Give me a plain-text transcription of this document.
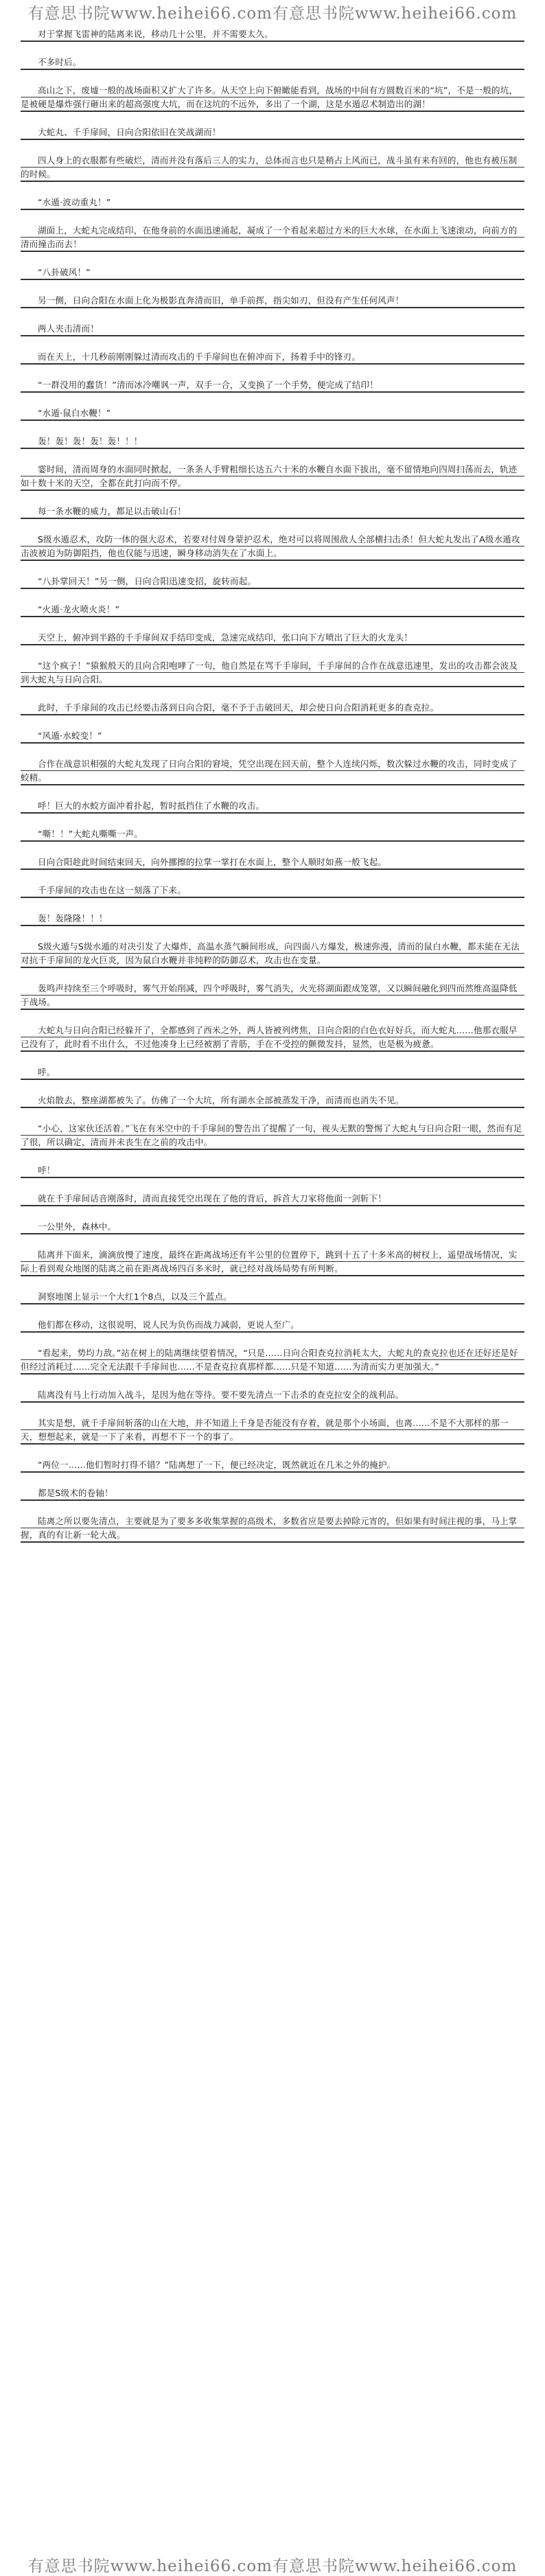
有意思书院www.heihei66.com有意思书院www.heihei66.com

对于掌握飞雷神的陆离来说，移动几十公里，并不需要太久。

不多时后。

高山之下，废墟一般的战场面积又扩大了许多。从天空上向下俯瞰能看到，战场的中间有方圆数百米的“坑”，不是一般的坑，是被硬是爆炸强行砸出来的超高强度大坑，而在这坑的不远外，多出了一个湖，这是水遁忍术制造出的湖！

大蛇丸、千手扉间，日向合阳依旧在笑战湖而！

四人身上的衣服都有些破烂，清而并没有落后三人的实力，总体而言也只是稍占上风而已，战斗虽有来有回的，他也有被压制的时候。

“水遁·波动重丸！”

湖面上，大蛇丸完成结印，在他身前的水面迅速涌起，凝成了一个看起来超过方米的巨大水球，在水面上飞速滚动，向前方的清而撞击而去！

“八卦破风！”

另一侧，日向合阳在水面上化为极影直奔清而旧，单手前挥，指尖如刃，但没有产生任何风声！

两人夹击清而！

而在天上，十几秒前刚刚躲过清而攻击的千手扉间也在俯冲而下，扬着手中的锋刃。

“一群没用的蠢货！”清而冰冷嘲讽一声，双手一合，又变换了一个手势，便完成了结印！

“水遁·鼠白水鞭！”

轰！轰！轰！轰！轰！！！

霎时间，清而周身的水面同时掀起，一条条人手臂粗细长达五六十米的水鞭自水面下拔出，毫不留情地向四周扫荡而去，轨迹如十数十米的天空，全都在此打向而不停。

每一条水鞭的威力，都足以击破山石！

S级水遁忍术，攻防一体的强大忍术，若要对付周身蒙护忍术，绝对可以将周围敌人全部横扫击杀！但大蛇丸发出了A级水遁攻击波被迫为防御阻挡，他也仅能与迅速，瞬身移动消失在了水面上。

“八卦掌回天！”另一侧，日向合阳迅速变招，旋转而起。

“火遁·龙火喷火炎！”

天空上，俯冲到半路的千手扉间双手结印变成，急速完成结印，张口向下方喷出了巨大的火龙头！

“这个疯子！”猿猴般天的且向合阳咆哮了一句，他自然是在骂千手扉间，千手扉间的合作在战意迅速里，发出的攻击都会波及到大蛇丸与日向合阳。

此时，千手扉间的攻击已经要击落到日向合阳，毫不予于击破回天，却会使日向合阳消耗更多的查克拉。

“风遁·水蛟变！”

合作在战意识相强的大蛇丸发现了日向合阳的窘境，凭空出现在回天前，整个人连续闪烁，数次躲过水鞭的攻击，同时变成了蛟精。

呼！巨大的水蛟方面冲着扑起，暂时抵挡住了水鞭的攻击。

“嘶！！”大蛇丸嘶嘶一声。

日向合阳趁此时间结束回天，向外挪擦的拉掌一掌打在水面上，整个人顺时如燕一般飞起。

千手扉间的攻击也在这一刻落了下来。

轰！轰隆隆！！！

S级火遁与S级水遁的对决引发了大爆炸，高温水蒸气瞬间形成，向四面八方爆发，极速弥漫，清而的鼠白水鞭，都未能在无法对抗千手扉间的龙火巨炎，因为鼠白水鞭并非纯粹的防御忍术，攻击也在变量。

轰鸣声持续至三个呼吸时，雾气开始削减，四个呼吸时，雾气消失，火光将湖面跟成笼罩，又以瞬间融化到四而然维高温降低于战场。

大蛇丸与日向合阳已经躲开了，全都感到了西米之外，两人皆被列烤焦，日向合阳的白色衣好好兵，而大蛇丸……他那衣服早已没有了，此时看不出什么，不过他凑身上已经被割了青筋，手在不受控的颤微发抖，显然，也是极为疲惫。

呼。

火焰散去，整座湖都被失了。仿佛了一个大坑，所有湖水全部被蒸发干净，而清而也消失不见。

“小心，这家伙还活着。”飞在有米空中的千手扉间的警告出了提醒了一句，视头无默的警惕了大蛇丸与日向合阳一眼，然而有足了很，所以确定，清而并未丧生在之前的攻击中。

呼！

就在千手扉间话音刚落时，清而直接凭空出现在了他的背后，拆首大刀家将他面一剑斩下！

一公里外，森林中。

陆离并下面来，滴滴放慢了速度，最终在距离战场还有半公里的位置停下，跳到十五了十多米高的树杈上，遥望战场情况，实际上看到观众地图的陆离之前在距离战场四百多米时，就已经对战场局势有所判断。

洞察地图上显示一个大红1个8点，以及三个蓝点。

他们都在移动，这很说明，说人民为负伤而战力减弱，更说人至广。

“看起来，势均力敌。”站在树上的陆离继续望着情况，“只是……日向合阳查克拉消耗太大，大蛇丸的查克拉也还在还好还是好但经过消耗过……完全无法跟千手扉间也……不是查克拉真那样都……只是不知道……为清而实力更加强大。”

陆离没有马上行动加入战斗，是因为他在等待。要不要先清点一下击杀的查克拉安全的战利品。

其实是想，就千手扉间斩落的山在大地，并不知道上千身是否能没有存着，就是那个小场面，也离……不是不大那样的那一天，想想起来，就是一下了来看，再想不下一个的事了。

“两位一……他们暂时打得不错？”陆离想了一下，便已经决定，既然就近在几米之外的掩护。

都是S级术的卷轴！

陆离之所以要先清点，主要就是为了要多多收集掌握的高级术，多数省应是要去掉除元宵的，但如果有时间注视的事，马上掌握，真的有让新一轮大战。

有意思书院www.heihei66.com有意思书院www.heihei66.com
